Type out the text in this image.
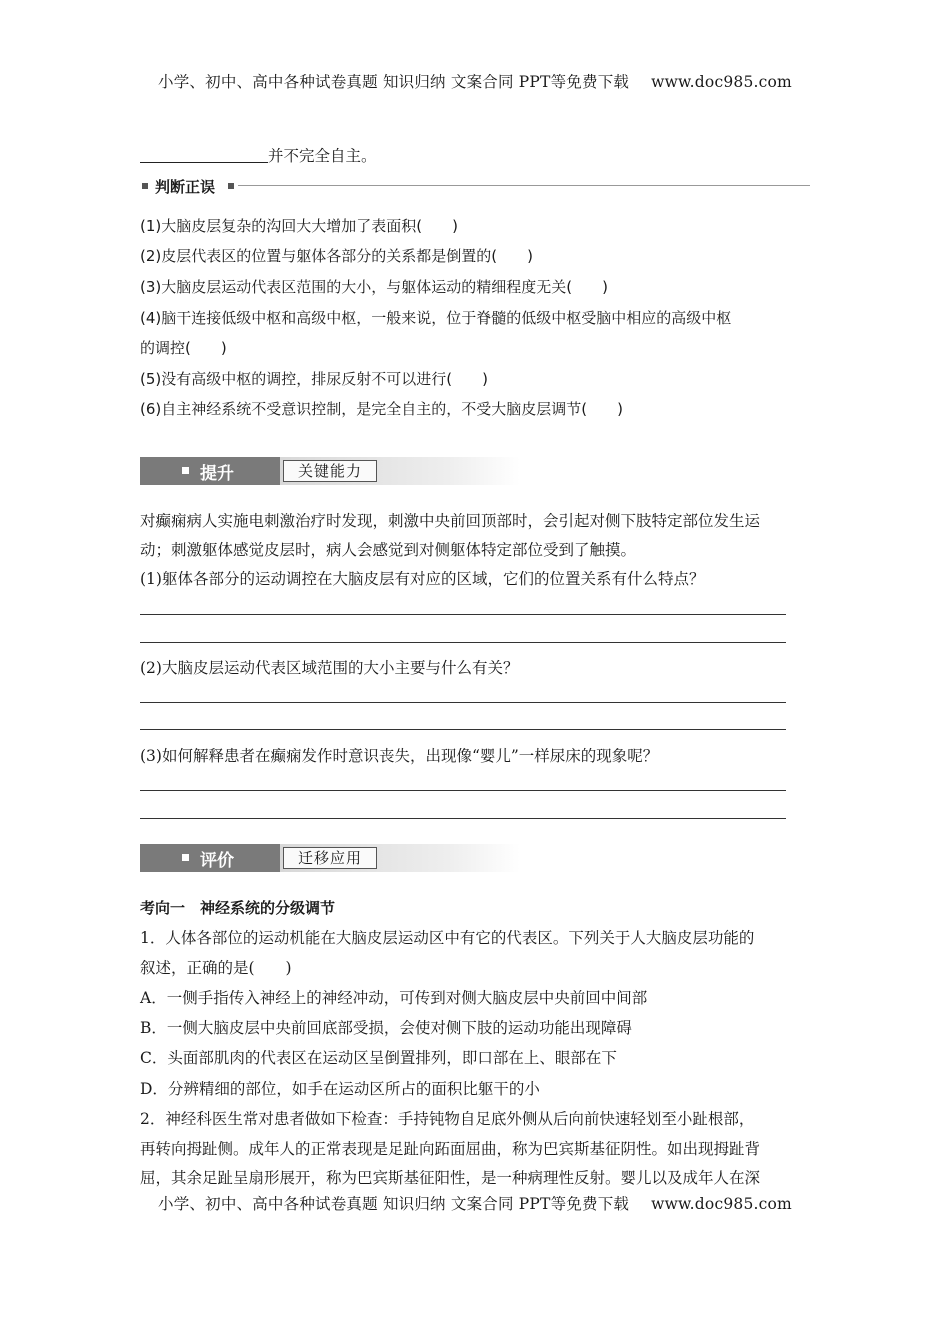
小学、初中、高中各种试卷真题 知识归纳 文案合同 PPT等免费下载 www.doc985.com
并不完全自主。
判断正误
(1)大脑皮层复杂的沟回大大增加了表面积(　　)
(2)皮层代表区的位置与躯体各部分的关系都是倒置的(　　)
(3)大脑皮层运动代表区范围的大小，与躯体运动的精细程度无关(　　)
(4)脑干连接低级中枢和高级中枢，一般来说，位于脊髓的低级中枢受脑中相应的高级中枢
的调控(　　)
(5)没有高级中枢的调控，排尿反射不可以进行(　　)
(6)自主神经系统不受意识控制，是完全自主的，不受大脑皮层调节(　　)
提升	关键能力
对癫痫病人实施电刺激治疗时发现，刺激中央前回顶部时，会引起对侧下肢特定部位发生运
动；刺激躯体感觉皮层时，病人会感觉到对侧躯体特定部位受到了触摸。
(1)躯体各部分的运动调控在大脑皮层有对应的区域，它们的位置关系有什么特点？
(2)大脑皮层运动代表区域范围的大小主要与什么有关？
(3)如何解释患者在癫痫发作时意识丧失，出现像“婴儿”一样尿床的现象呢？
评价	迁移应用
考向一　神经系统的分级调节
1．人体各部位的运动机能在大脑皮层运动区中有它的代表区。下列关于人大脑皮层功能的
叙述，正确的是(　　)
A．一侧手指传入神经上的神经冲动，可传到对侧大脑皮层中央前回中间部
B．一侧大脑皮层中央前回底部受损，会使对侧下肢的运动功能出现障碍
C．头面部肌肉的代表区在运动区呈倒置排列，即口部在上、眼部在下
D．分辨精细的部位，如手在运动区所占的面积比躯干的小
2．神经科医生常对患者做如下检查：手持钝物自足底外侧从后向前快速轻划至小趾根部，
再转向拇趾侧。成年人的正常表现是足趾向跖面屈曲，称为巴宾斯基征阴性。如出现拇趾背
屈，其余足趾呈扇形展开，称为巴宾斯基征阳性，是一种病理性反射。婴儿以及成年人在深
小学、初中、高中各种试卷真题 知识归纳 文案合同 PPT等免费下载 www.doc985.com
